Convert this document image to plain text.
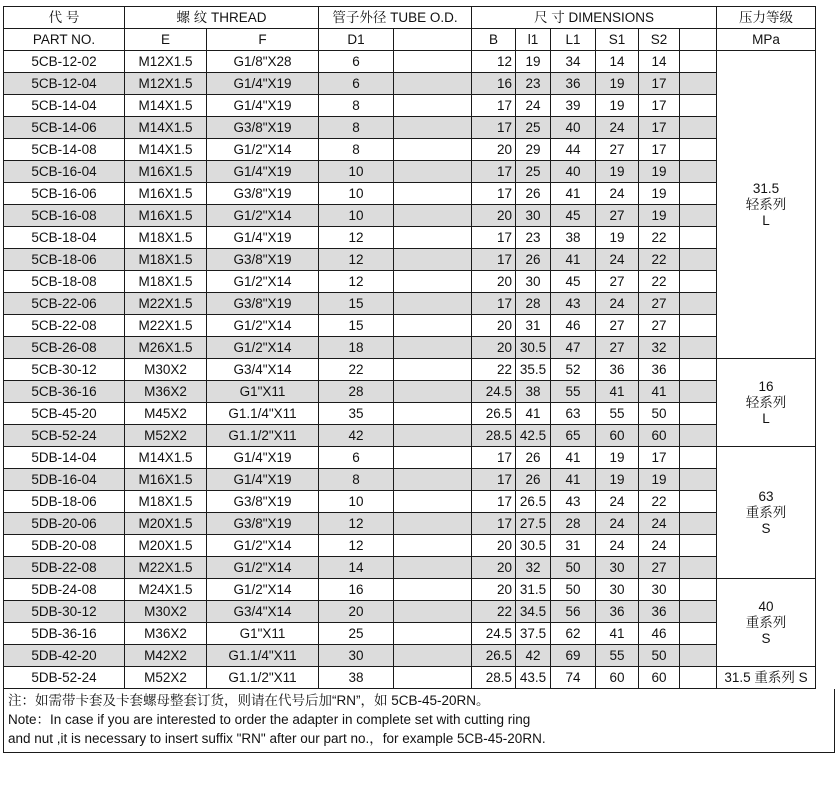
代 号	螺 纹 THREAD		管子外径 TUBE O.D.		尺 寸 DIMENSIONS						压力等级
PART NO.	E	F	D1		B	l1	L1	S1	S2		MPa
5CB-12-02	M12X1.5	G1/8"X28	6		12	19	34	14	14		31.5
轻系列
L

5CB-12-04	M12X1.5	G1/4"X19	6		16	23	36	19	17		
5CB-14-04	M14X1.5	G1/4"X19	8		17	24	39	19	17		
5CB-14-06	M14X1.5	G3/8"X19	8		17	25	40	24	17		
5CB-14-08	M14X1.5	G1/2"X14	8		20	29	44	27	17		
5CB-16-04	M16X1.5	G1/4"X19	10		17	25	40	19	19		
5CB-16-06	M16X1.5	G3/8"X19	10		17	26	41	24	19		
5CB-16-08	M16X1.5	G1/2"X14	10		20	30	45	27	19		
5CB-18-04	M18X1.5	G1/4"X19	12		17	23	38	19	22		
5CB-18-06	M18X1.5	G3/8"X19	12		17	26	41	24	22		
5CB-18-08	M18X1.5	G1/2"X14	12		20	30	45	27	22		
5CB-22-06	M22X1.5	G3/8"X19	15		17	28	43	24	27		
5CB-22-08	M22X1.5	G1/2"X14	15		20	31	46	27	27		
5CB-26-08	M26X1.5	G1/2"X14	18		20	30.5	47	27	32		
5CB-30-12	M30X2	G3/4"X14	22		22	35.5	52	36	36		16
轻系列
L

5CB-36-16	M36X2	G1"X11	28		24.5	38	55	41	41		
5CB-45-20	M45X2	G1.1/4"X11	35		26.5	41	63	55	50		
5CB-52-24	M52X2	G1.1/2"X11	42		28.5	42.5	65	60	60		
5DB-14-04	M14X1.5	G1/4"X19	6		17	26	41	19	17		63
重系列
S

5DB-16-04	M16X1.5	G1/4"X19	8		17	26	41	19	19		
5DB-18-06	M18X1.5	G3/8"X19	10		17	26.5	43	24	22		
5DB-20-06	M20X1.5	G3/8"X19	12		17	27.5	28	24	24		
5DB-20-08	M20X1.5	G1/2"X14	12		20	30.5	31	24	24		
5DB-22-08	M22X1.5	G1/2"X14	14		20	32	50	30	27		
5DB-24-08	M24X1.5	G1/2"X14	16		20	31.5	50	30	30		40
重系列
S

5DB-30-12	M30X2	G3/4"X14	20		22	34.5	56	36	36		
5DB-36-16	M36X2	G1"X11	25		24.5	37.5	62	41	46		
5DB-42-20	M42X2	G1.1/4"X11	30		26.5	42	69	55	50		
5DB-52-24	M52X2	G1.1/2"X11	38		28.5	43.5	74	60	60		31.5 重系列 S
注：如需带卡套及卡套螺母整套订货，则请在代号后加“RN”，如 5CB-45-20RN。
Note：In case if you are interested to order the adapter in complete set with cutting ring
and nut ,it is necessary to insert suffix "RN" after our part no.，for example 5CB-45-20RN.
